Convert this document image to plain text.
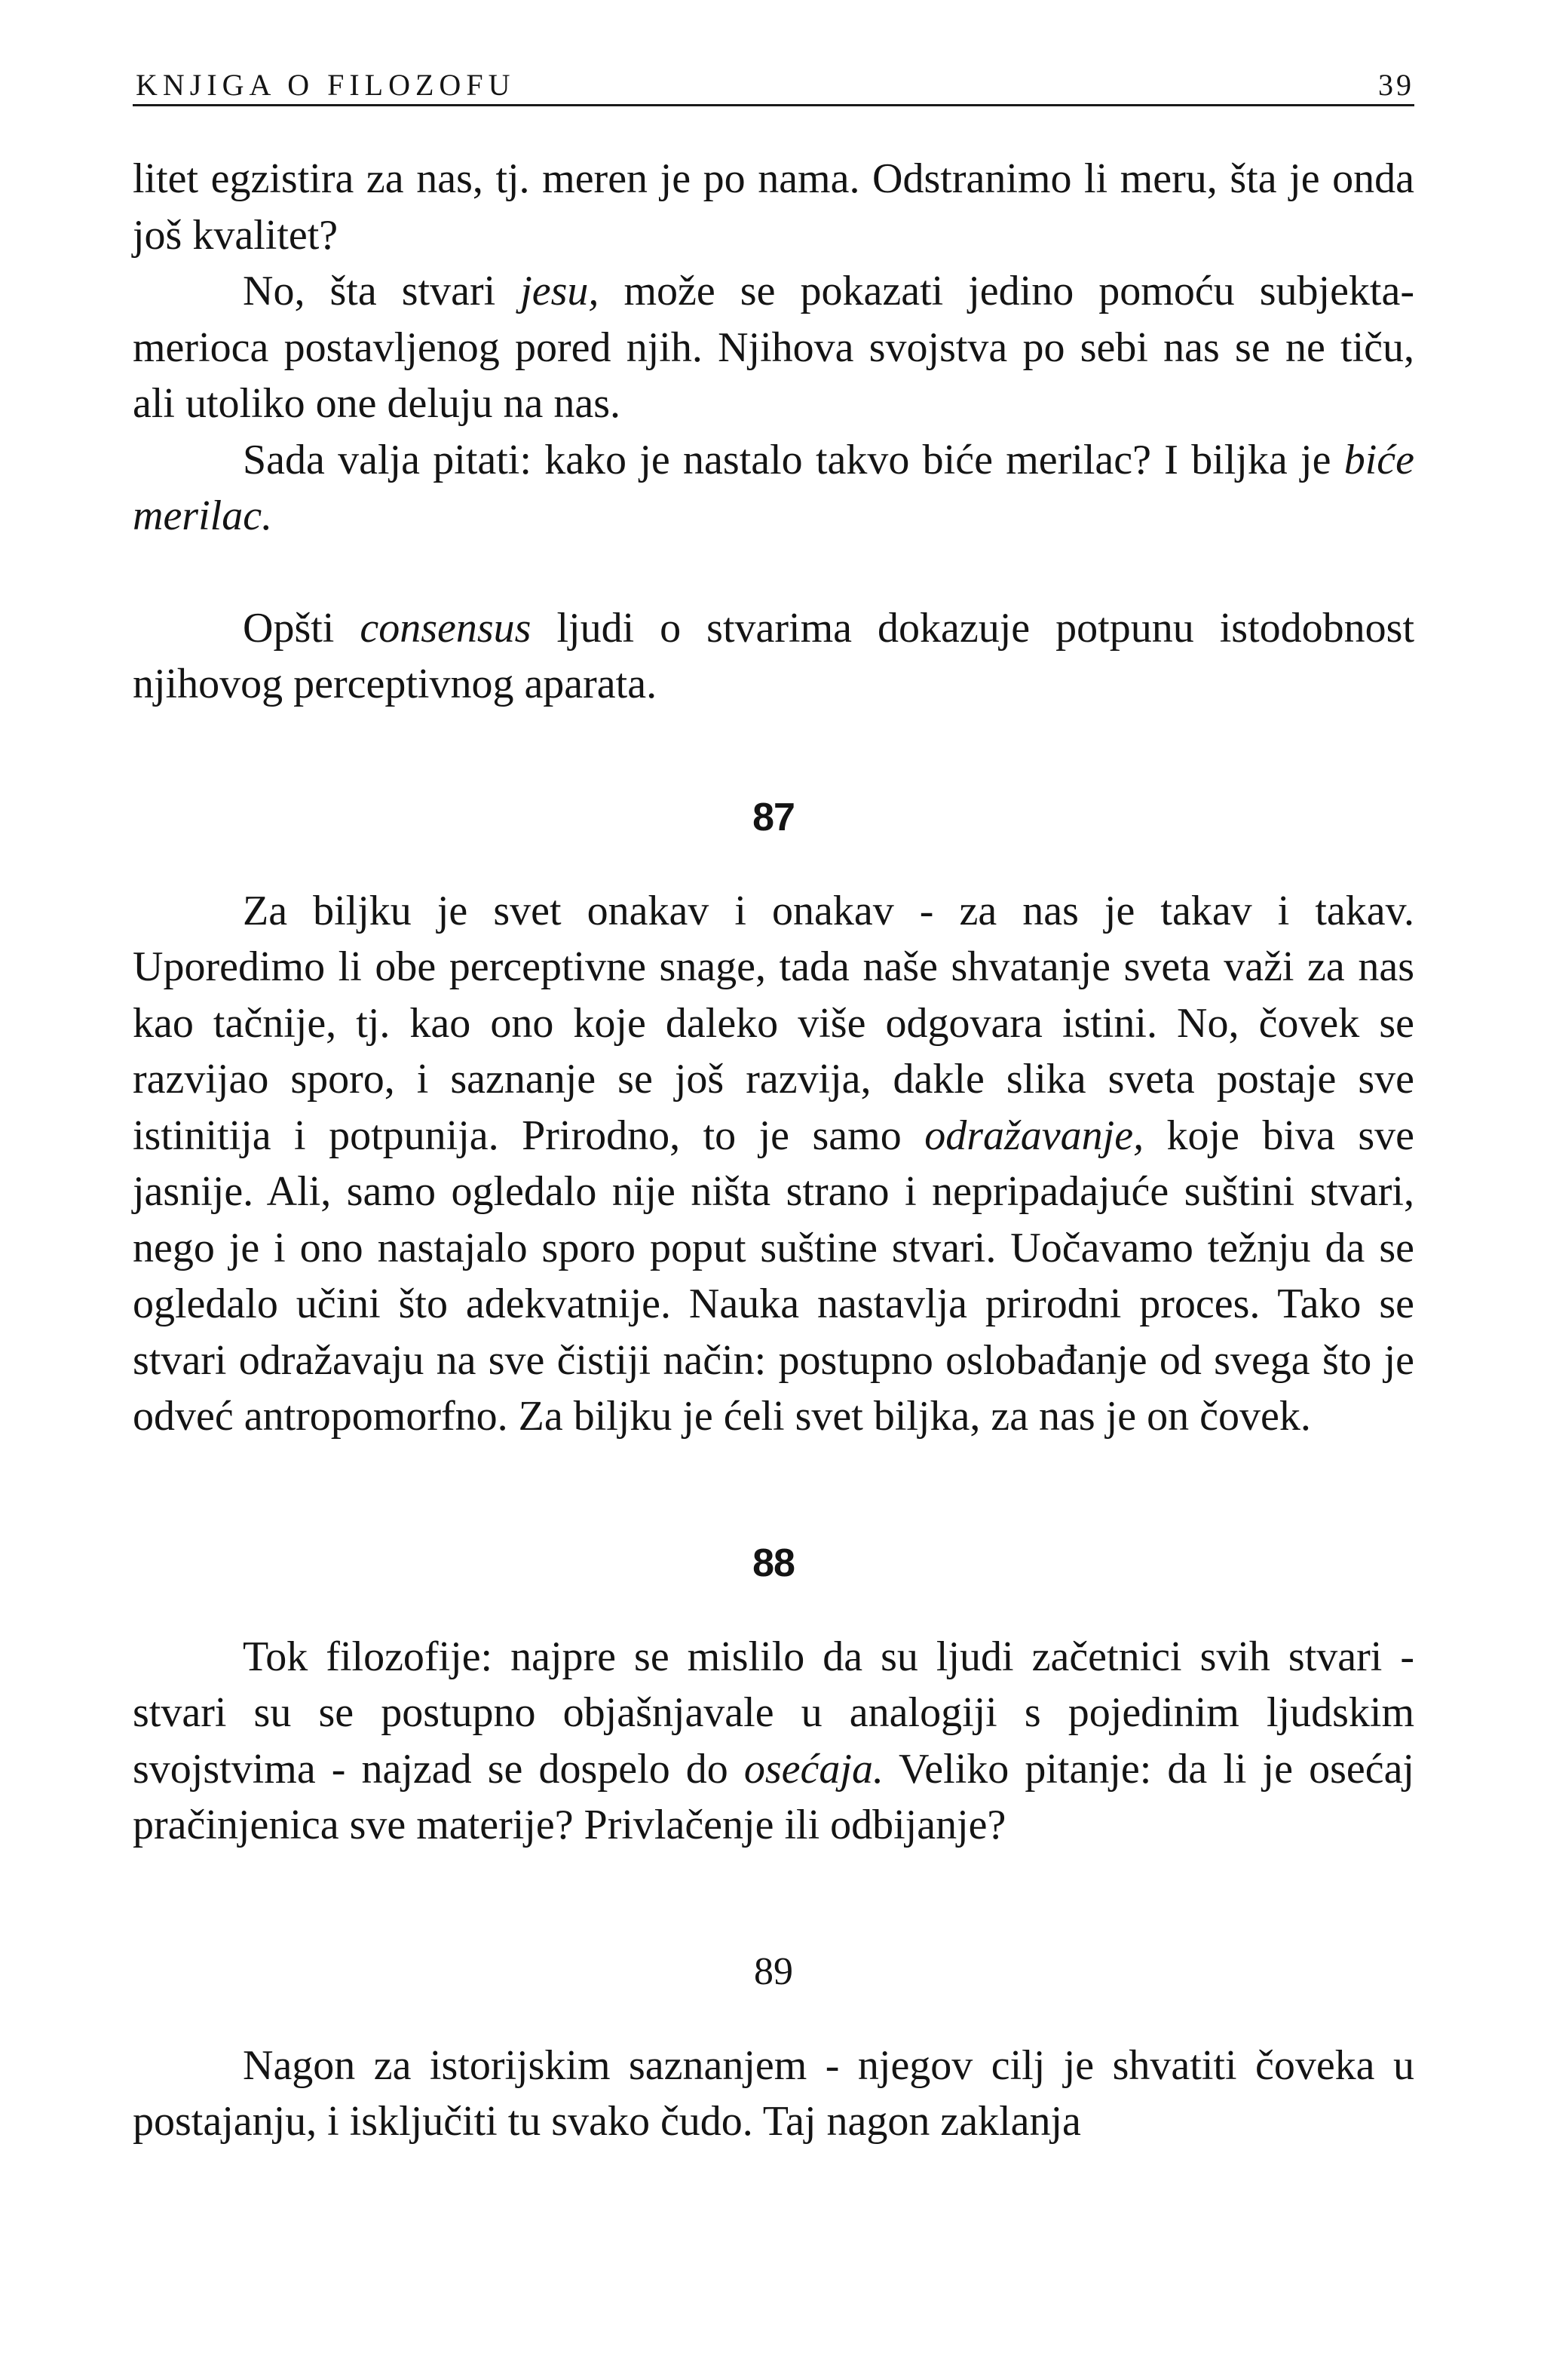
KNJIGA O FILOZOFU	39

litet egzistira za nas, tj. meren je po nama. Odstranimo li meru, šta je onda još kvalitet?

No, šta stvari jesu, može se pokazati jedino pomoću subjekta-merioca postavljenog pored njih. Njihova svojstva po sebi nas se ne tiču, ali utoliko one deluju na nas.

Sada valja pitati: kako je nastalo takvo biće merilac? I biljka je biće merilac.

Opšti consensus ljudi o stvarima dokazuje potpunu istodobnost njihovog perceptivnog aparata.

87

Za biljku je svet onakav i onakav - za nas je takav i takav. Uporedimo li obe perceptivne snage, tada naše shvatanje sveta važi za nas kao tačnije, tj. kao ono koje daleko više odgovara istini. No, čovek se razvijao sporo, i saznanje se još razvija, dakle slika sveta postaje sve istinitija i potpunija. Prirodno, to je samo odražavanje, koje biva sve jasnije. Ali, samo ogledalo nije ništa strano i nepripadajuće suštini stvari, nego je i ono nastajalo sporo poput suštine stvari. Uočavamo težnju da se ogledalo učini što adekvatnije. Nauka nastavlja prirodni proces. Tako se stvari odražavaju na sve čistiji način: postupno oslobađanje od svega što je odveć antropomorfno. Za biljku je ćeli svet biljka, za nas je on čovek.

88

Tok filozofije: najpre se mislilo da su ljudi začetnici svih stvari - stvari su se postupno objašnjavale u analogiji s pojedinim ljudskim svojstvima - najzad se dospelo do osećaja. Veliko pitanje: da li je osećaj pračinjenica sve materije? Privlačenje ili odbijanje?

89

Nagon za istorijskim saznanjem - njegov cilj je shvatiti čoveka u postajanju, i isključiti tu svako čudo. Taj nagon zaklanja
